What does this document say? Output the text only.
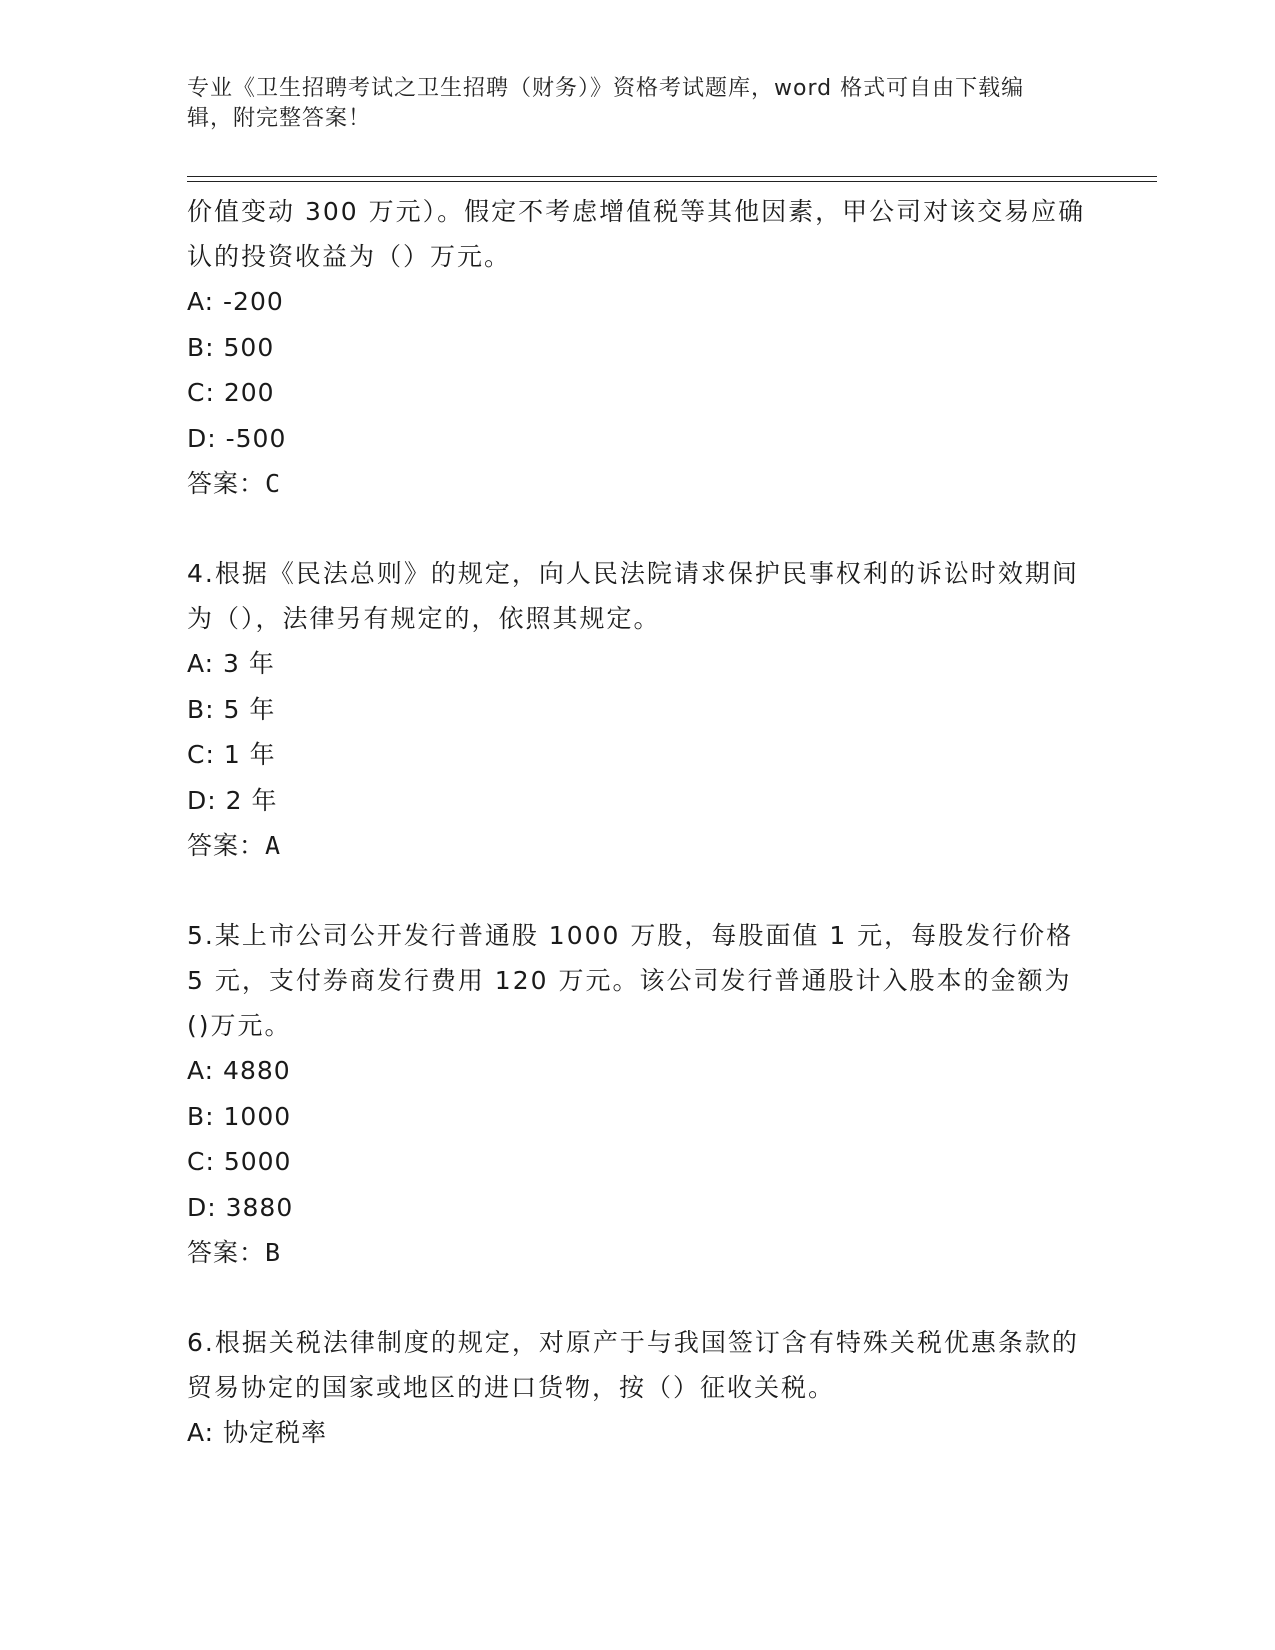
专业《卫生招聘考试之卫生招聘（财务）》资格考试题库，word 格式可自由下载编辑，附完整答案！

价值变动 300 万元）。假定不考虑增值税等其他因素，甲公司对该交易应确认的投资收益为（）万元。

A: -200

B: 500

C: 200

D: -500

答案：C

4.根据《民法总则》的规定，向人民法院请求保护民事权利的诉讼时效期间为（），法律另有规定的，依照其规定。

A: 3 年

B: 5 年

C: 1 年

D: 2 年

答案：A

5.某上市公司公开发行普通股 1000 万股，每股面值 1 元，每股发行价格 5 元，支付券商发行费用 120 万元。该公司发行普通股计入股本的金额为()万元。

A: 4880

B: 1000

C: 5000

D: 3880

答案：B

6.根据关税法律制度的规定，对原产于与我国签订含有特殊关税优惠条款的贸易协定的国家或地区的进口货物，按（）征收关税。

A: 协定税率
